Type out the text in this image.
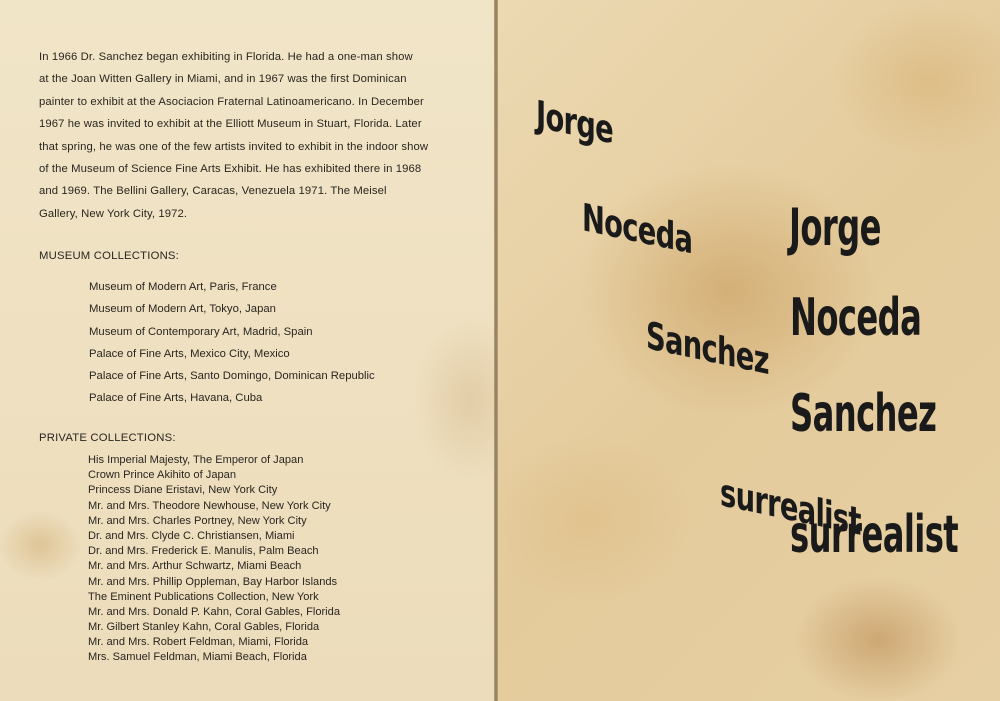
In 1966 Dr. Sanchez began exhibiting in Florida. He had a one-man show
at the Joan Witten Gallery in Miami, and in 1967 was the first Dominican
painter to exhibit at the Asociacion Fraternal Latinoamericano. In December
1967 he was invited to exhibit at the Elliott Museum in Stuart, Florida. Later
that spring, he was one of the few artists invited to exhibit in the indoor show
of the Museum of Science Fine Arts Exhibit. He has exhibited there in 1968
and 1969. The Bellini Gallery, Caracas, Venezuela 1971. The Meisel
Gallery, New York City, 1972.
MUSEUM COLLECTIONS:
Museum of Modern Art, Paris, France
Museum of Modern Art, Tokyo, Japan
Museum of Contemporary Art, Madrid, Spain
Palace of Fine Arts, Mexico City, Mexico
Palace of Fine Arts, Santo Domingo, Dominican Republic
Palace of Fine Arts, Havana, Cuba
PRIVATE COLLECTIONS:
His Imperial Majesty, The Emperor of Japan
Crown Prince Akihito of Japan
Princess Diane Eristavi, New York City
Mr. and Mrs. Theodore Newhouse, New York City
Mr. and Mrs. Charles Portney, New York City
Dr. and Mrs. Clyde C. Christiansen, Miami
Dr. and Mrs. Frederick E. Manulis, Palm Beach
Mr. and Mrs. Arthur Schwartz, Miami Beach
Mr. and Mrs. Phillip Oppleman, Bay Harbor Islands
The Eminent Publications Collection, New York
Mr. and Mrs. Donald P. Kahn, Coral Gables, Florida
Mr. Gilbert Stanley Kahn, Coral Gables, Florida
Mr. and Mrs. Robert Feldman, Miami, Florida
Mrs. Samuel Feldman, Miami Beach, Florida
Jorge
Noceda
Sanchez
surrealist
Jorge
Noceda
Sanchez
surrealist
